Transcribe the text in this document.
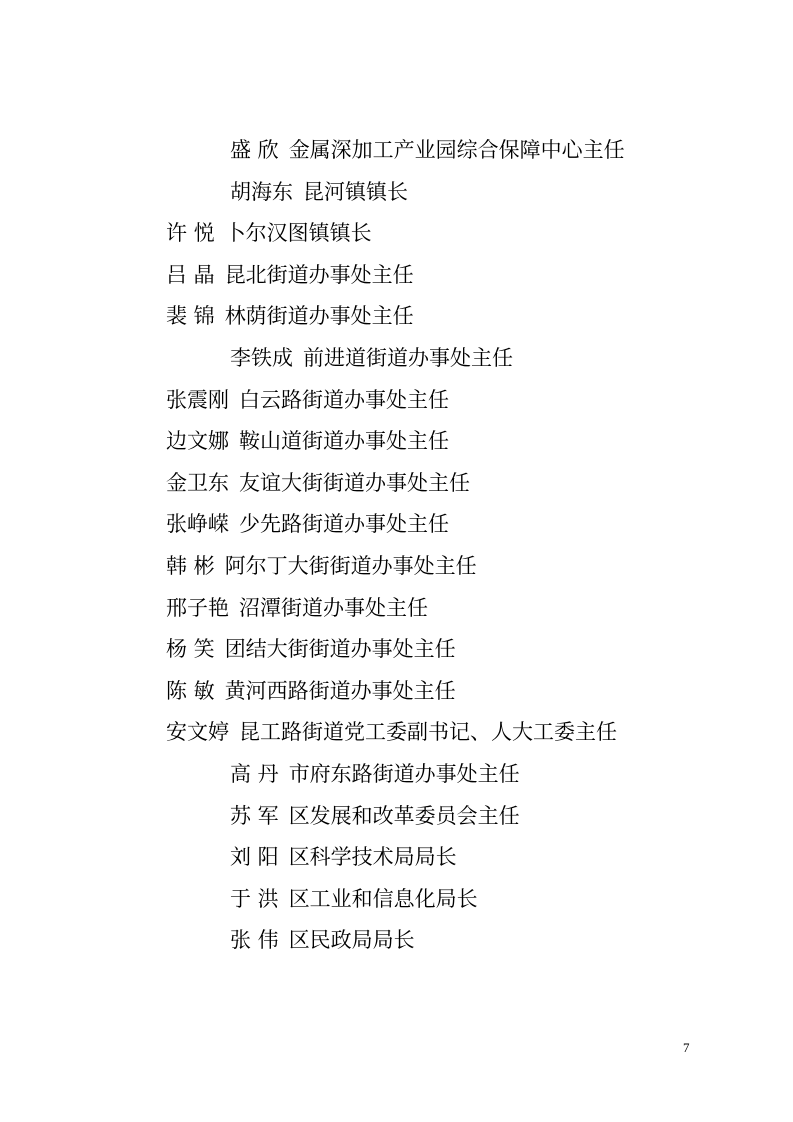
盛 欣 金属深加工产业园综合保障中心主任
胡海东 昆河镇镇长
许 悦 卜尔汉图镇镇长
吕 晶 昆北街道办事处主任
裴 锦 林荫街道办事处主任
李铁成 前进道街道办事处主任
张震刚 白云路街道办事处主任
边文娜 鞍山道街道办事处主任
金卫东 友谊大街街道办事处主任
张峥嵘 少先路街道办事处主任
韩 彬 阿尔丁大街街道办事处主任
邢子艳 沼潭街道办事处主任
杨 笑 团结大街街道办事处主任
陈 敏 黄河西路街道办事处主任
安文婷 昆工路街道党工委副书记、人大工委主任
高 丹 市府东路街道办事处主任
苏 军 区发展和改革委员会主任
刘 阳 区科学技术局局长
于 洪 区工业和信息化局长
张 伟 区民政局局长
7
